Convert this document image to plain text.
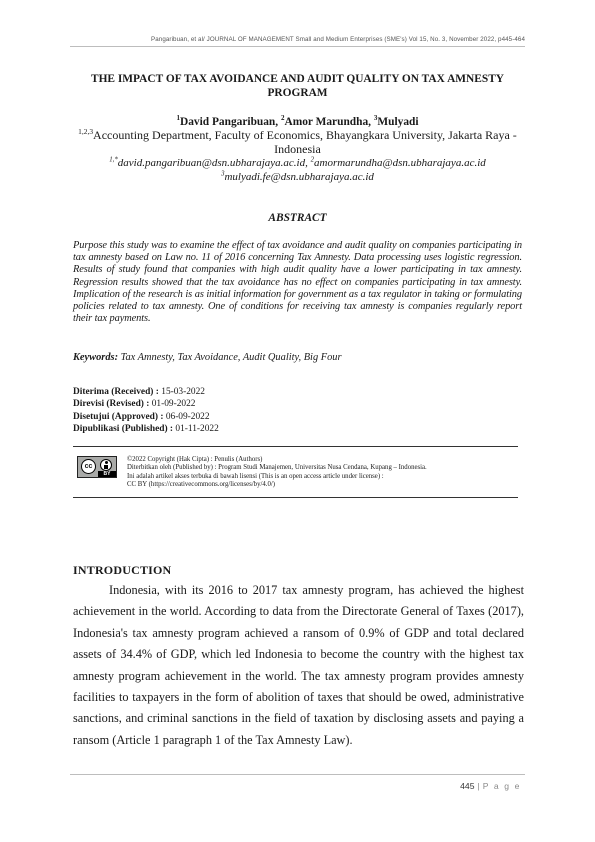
Pangaribuan, et al/ JOURNAL OF MANAGEMENT Small and Medium Enterprises (SME's) Vol 15, No. 3, November 2022, p445-464
THE IMPACT OF TAX AVOIDANCE AND AUDIT QUALITY ON TAX AMNESTY PROGRAM
$^1$David Pangaribuan, $^2$Amor Marundha, $^3$Mulyadi
$^{1,2,3}$Accounting Department, Faculty of Economics, Bhayangkara University, Jakarta Raya - Indonesia
$^{1,*}$david.pangaribuan@dsn.ubharajaya.ac.id, $^2$amormarundha@dsn.ubharajaya.ac.id
$^3$mulyadi.fe@dsn.ubharajaya.ac.id
ABSTRACT
Purpose this study was to examine the effect of tax avoidance and audit quality on companies participating in tax amnesty based on Law no. 11 of 2016 concerning Tax Amnesty. Data processing uses logistic regression. Results of study found that companies with high audit quality have a lower participating in tax amnesty. Regression results showed that the tax avoidance has no effect on companies participating in tax amnesty. Implication of the research is as initial information for government as a tax regulator in taking or formulating policies related to tax amnesty. One of conditions for receiving tax amnesty is companies regularly report their tax payments.
Keywords: Tax Amnesty, Tax Avoidance, Audit Quality, Big Four
Diterima (Received) : 15-03-2022
Direvisi (Revised) : 01-09-2022
Disetujui (Approved) : 06-09-2022
Dipublikasi (Published) : 01-11-2022
cc
BY
©2022 Copyright (Hak Cipta) : Penulis (Authors)
Diterbitkan oleh (Published by) : Program Studi Manajemen, Universitas Nusa Cendana, Kupang – Indonesia.
Ini adalah artikel akses terbuka di bawah lisensi (This is an open access article under license) :
CC BY (https://creativecommons.org/licenses/by/4.0/)
INTRODUCTION

Indonesia, with its 2016 to 2017 tax amnesty program, has achieved the highest achievement in the world. According to data from the Directorate General of Taxes (2017), Indonesia's tax amnesty program achieved a ransom of 0.9% of GDP and total declared assets of 34.4% of GDP, which led Indonesia to become the country with the highest tax amnesty program achievement in the world. The tax amnesty program provides amnesty facilities to taxpayers in the form of abolition of taxes that should be owed, administrative sanctions, and criminal sanctions in the field of taxation by disclosing assets and paying a ransom (Article 1 paragraph 1 of the Tax Amnesty Law).

445 | P a g e
